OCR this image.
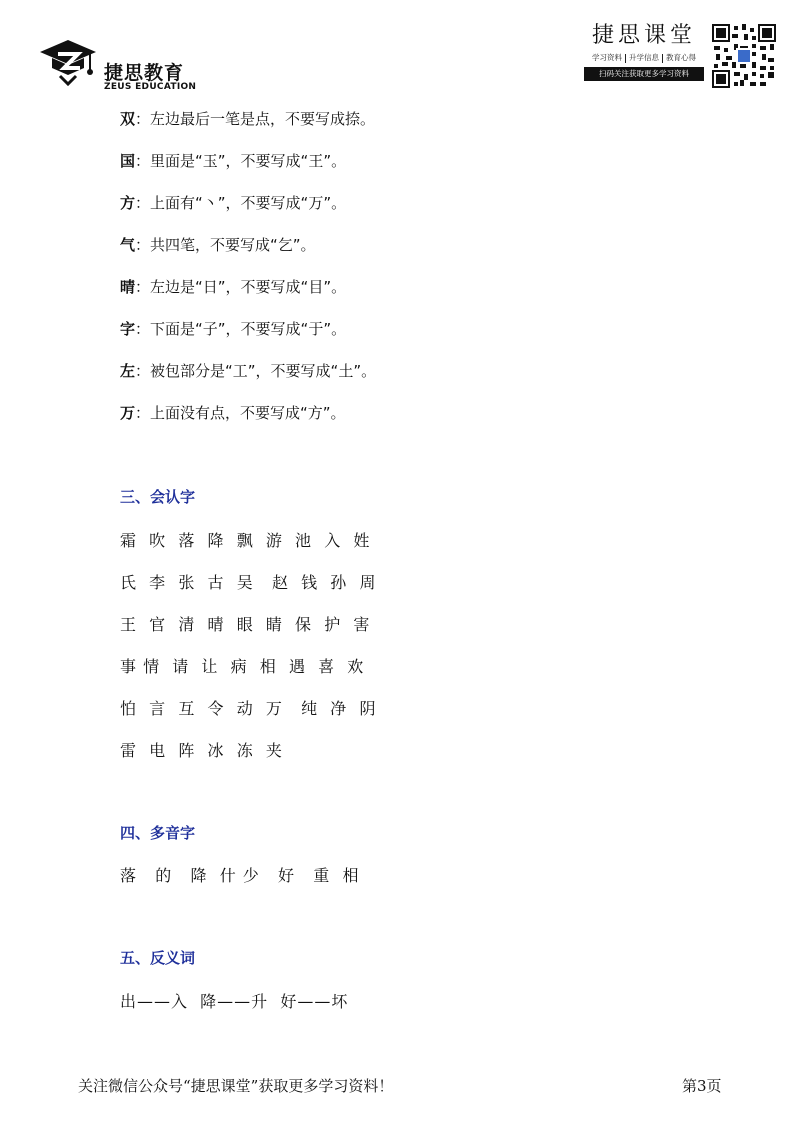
捷思教育
ZEUS EDUCATION
捷思课堂
学习资料 升学信息 教育心得
扫码关注获取更多学习资料
双：左边最后一笔是点，不要写成捺。
国：里面是“玉”，不要写成“王”。
方：上面有“丶”，不要写成“万”。
气：共四笔，不要写成“乞”。
晴：左边是“日”，不要写成“目”。
字：下面是“子”，不要写成“于”。
左：被包部分是“工”，不要写成“土”。
万：上面没有点，不要写成“方”。
三、会认字
霜  吹  落  降  飘  游  池  入  姓
氏  李  张  古  吴   赵  钱  孙  周
王  官  清  晴  眼  睛  保  护  害
事 情  请  让  病  相  遇  喜  欢
怕  言  互  令  动  万   纯  净  阴
雷  电  阵  冰  冻  夹
四、多音字
落   的   降  什 少   好   重  相
五、反义词
出——入  降——升  好——坏
关注微信公众号“捷思课堂”获取更多学习资料！	第3页
